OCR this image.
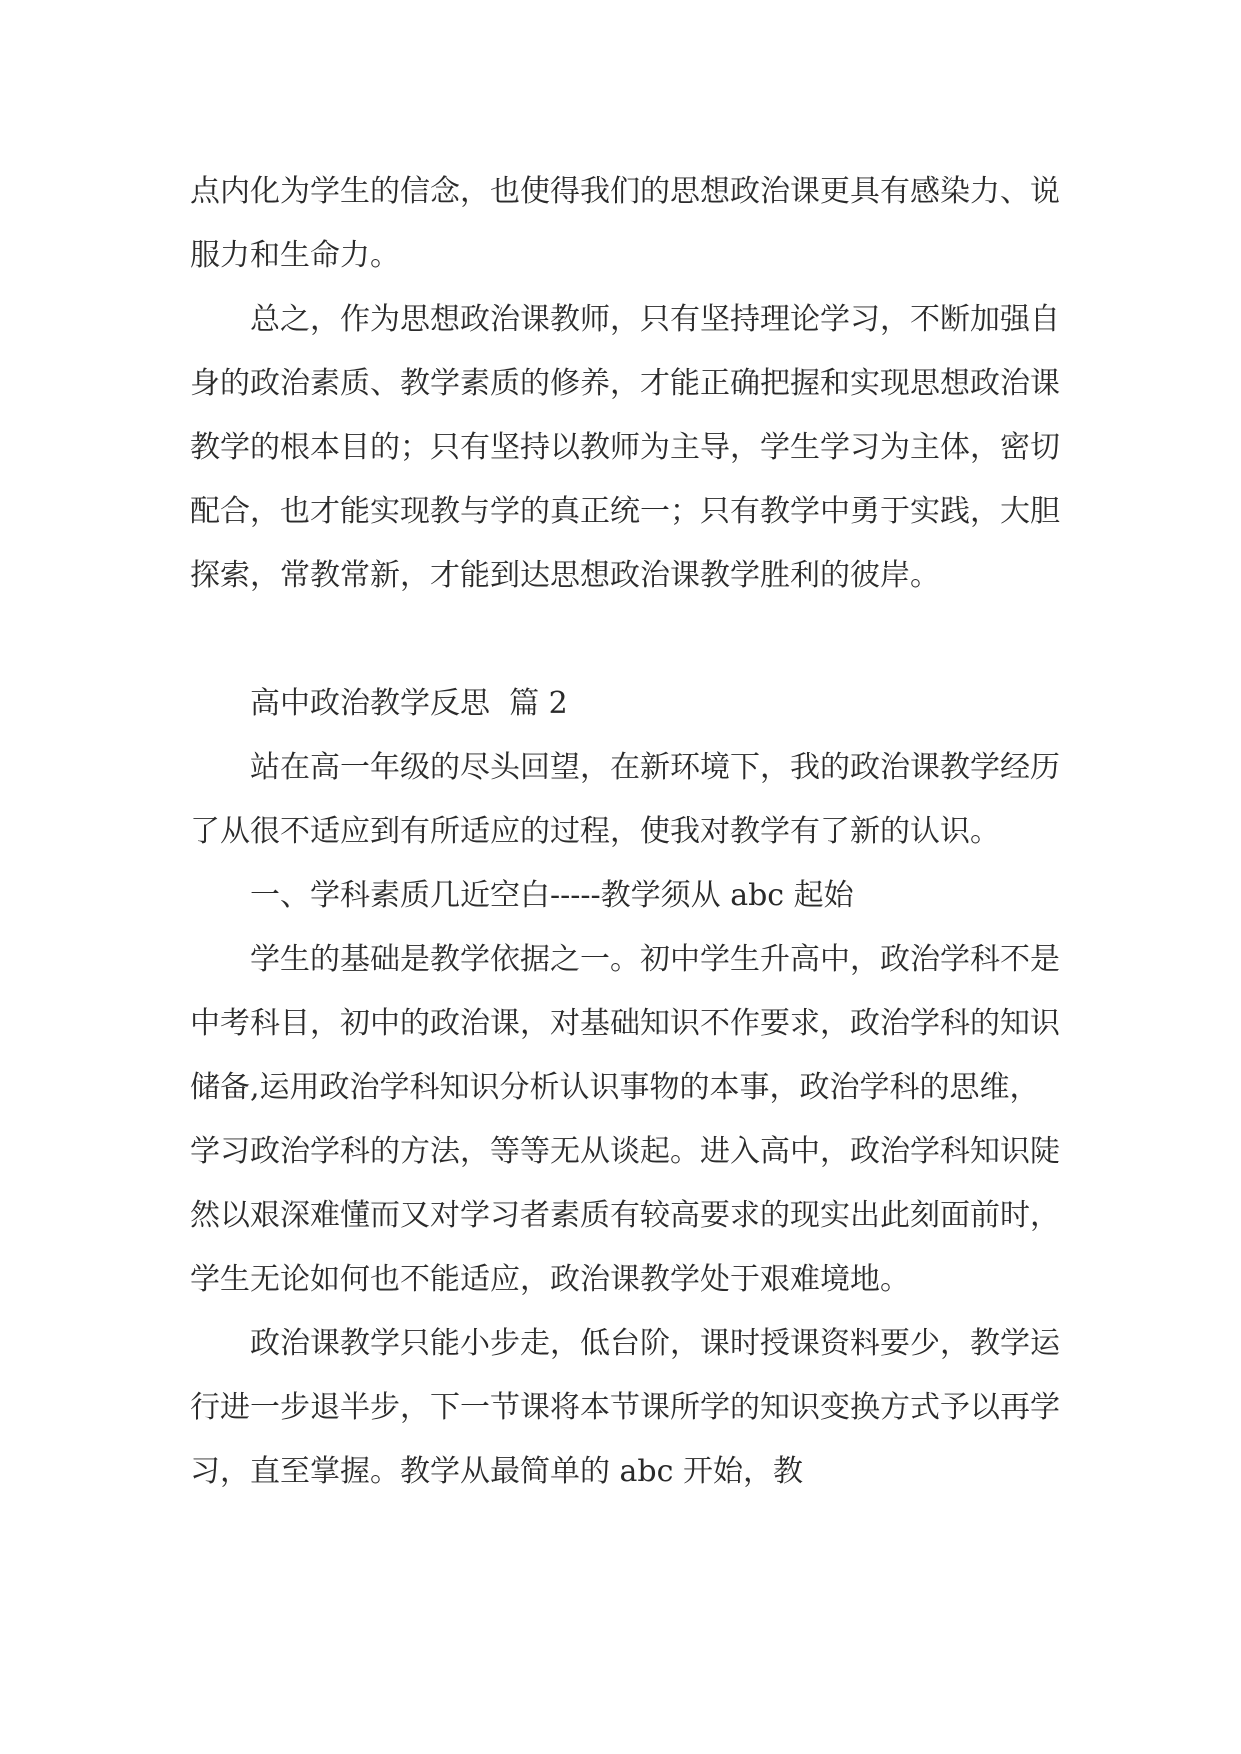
点内化为学生的信念，也使得我们的思想政治课更具有感染力、说服力和生命力。

总之，作为思想政治课教师，只有坚持理论学习，不断加强自身的政治素质、教学素质的修养，才能正确把握和实现思想政治课教学的根本目的；只有坚持以教师为主导，学生学习为主体，密切配合，也才能实现教与学的真正统一；只有教学中勇于实践，大胆探索，常教常新，才能到达思想政治课教学胜利的彼岸。

高中政治教学反思  篇 2

站在高一年级的尽头回望，在新环境下，我的政治课教学经历了从很不适应到有所适应的过程，使我对教学有了新的认识。

一、学科素质几近空白-----教学须从 abc 起始

学生的基础是教学依据之一。初中学生升高中，政治学科不是中考科目，初中的政治课，对基础知识不作要求，政治学科的知识储备,运用政治学科知识分析认识事物的本事，政治学科的思维，学习政治学科的方法，等等无从谈起。进入高中，政治学科知识陡然以艰深难懂而又对学习者素质有较高要求的现实出此刻面前时，学生无论如何也不能适应，政治课教学处于艰难境地。

政治课教学只能小步走，低台阶，课时授课资料要少，教学运行进一步退半步，下一节课将本节课所学的知识变换方式予以再学习，直至掌握。教学从最简单的 abc 开始，教
